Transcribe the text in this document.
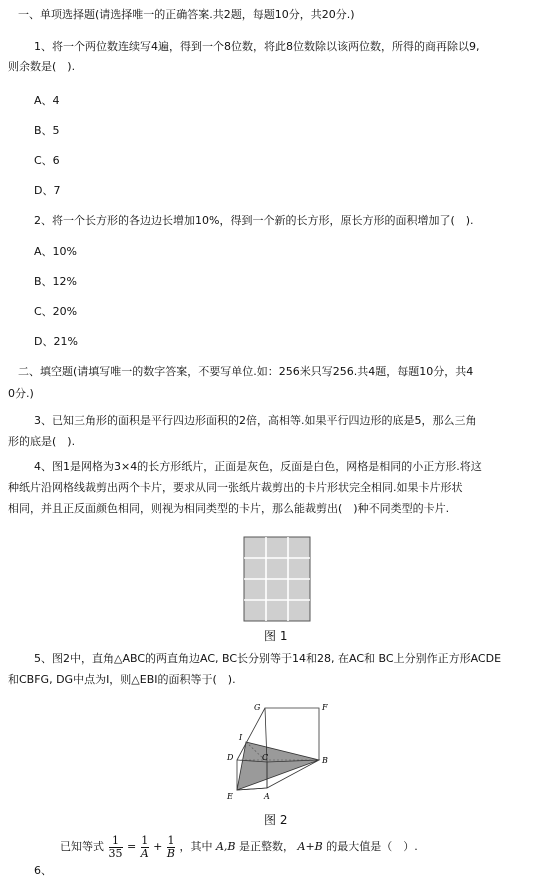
一、单项选择题(请选择唯一的正确答案.共2题，每题10分，共20分.)
1、将一个两位数连续写4遍，得到一个8位数，将此8位数除以该两位数，所得的商再除以9,
则余数是(　).
A、4
B、5
C、6
D、7
2、将一个长方形的各边边长增加10%，得到一个新的长方形，原长方形的面积增加了(　).
A、10%
B、12%
C、20%
D、21%
二、填空题(请填写唯一的数字答案，不要写单位.如：256米只写256.共4题，每题10分，共4
0分.)
3、已知三角形的面积是平行四边形面积的2倍，高相等.如果平行四边形的底是5，那么三角
形的底是(　).
4、图1是网格为3×4的长方形纸片，正面是灰色，反面是白色，网格是相同的小正方形.将这
种纸片沿网格线裁剪出两个卡片，要求从同一张纸片裁剪出的卡片形状完全相同.如果卡片形状
相同，并且正反面颜色相同，则视为相同类型的卡片，那么能裁剪出(　)种不同类型的卡片.
图 1
5、图2中，直角△ABC的两直角边AC, BC长分别等于14和28, 在AC和 BC上分别作正方形ACDE
和CBFG, DG中点为I，则△EBI的面积等于(　).
G	F
I
D	C	B
E	A
图 2
已知等式 $\frac{1}{35} = \frac{1}{A} + \frac{1}{B}$ ，其中 A,B 是正整数， A+B 的最大值是（　）.
6、
